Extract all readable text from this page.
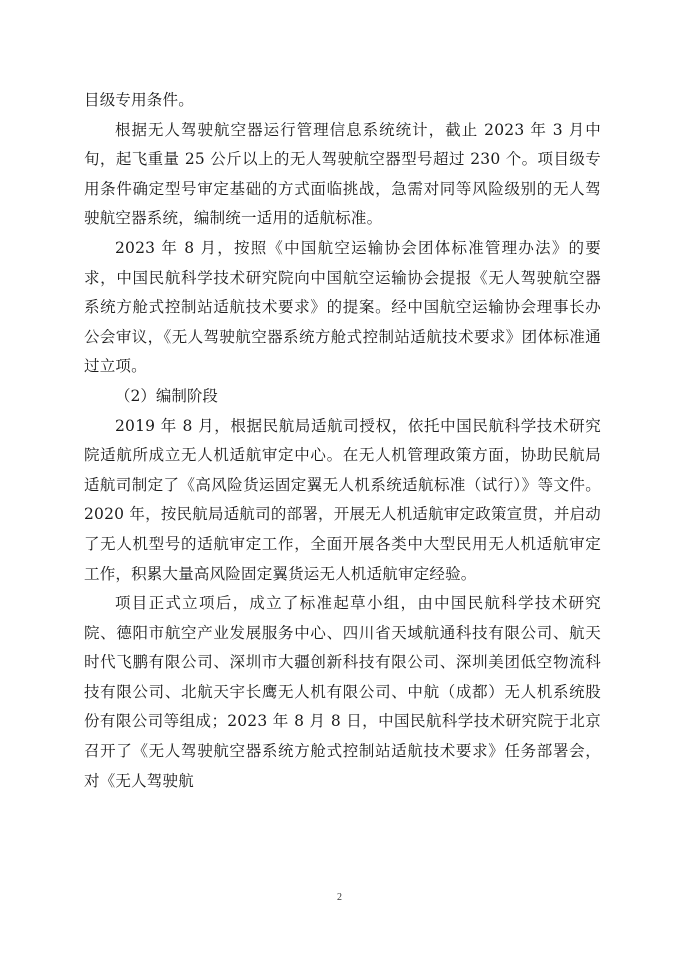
目级专用条件。

根据无人驾驶航空器运行管理信息系统统计，截止 2023 年 3 月中旬，起飞重量 25 公斤以上的无人驾驶航空器型号超过 230 个。项目级专用条件确定型号审定基础的方式面临挑战，急需对同等风险级别的无人驾驶航空器系统，编制统一适用的适航标准。

2023 年 8 月，按照《中国航空运输协会团体标准管理办法》的要求，中国民航科学技术研究院向中国航空运输协会提报《无人驾驶航空器系统方舱式控制站适航技术要求》的提案。经中国航空运输协会理事长办公会审议，《无人驾驶航空器系统方舱式控制站适航技术要求》团体标准通过立项。

（2）编制阶段

2019 年 8 月，根据民航局适航司授权，依托中国民航科学技术研究院适航所成立无人机适航审定中心。在无人机管理政策方面，协助民航局适航司制定了《高风险货运固定翼无人机系统适航标准（试行）》等文件。2020 年，按民航局适航司的部署，开展无人机适航审定政策宣贯，并启动了无人机型号的适航审定工作，全面开展各类中大型民用无人机适航审定工作，积累大量高风险固定翼货运无人机适航审定经验。

项目正式立项后，成立了标准起草小组，由中国民航科学技术研究院、德阳市航空产业发展服务中心、四川省天域航通科技有限公司、航天时代飞鹏有限公司、深圳市大疆创新科技有限公司、深圳美团低空物流科技有限公司、北航天宇长鹰无人机有限公司、中航（成都）无人机系统股份有限公司等组成；2023 年 8 月 8 日，中国民航科学技术研究院于北京召开了《无人驾驶航空器系统方舱式控制站适航技术要求》任务部署会，对《无人驾驶航

2
